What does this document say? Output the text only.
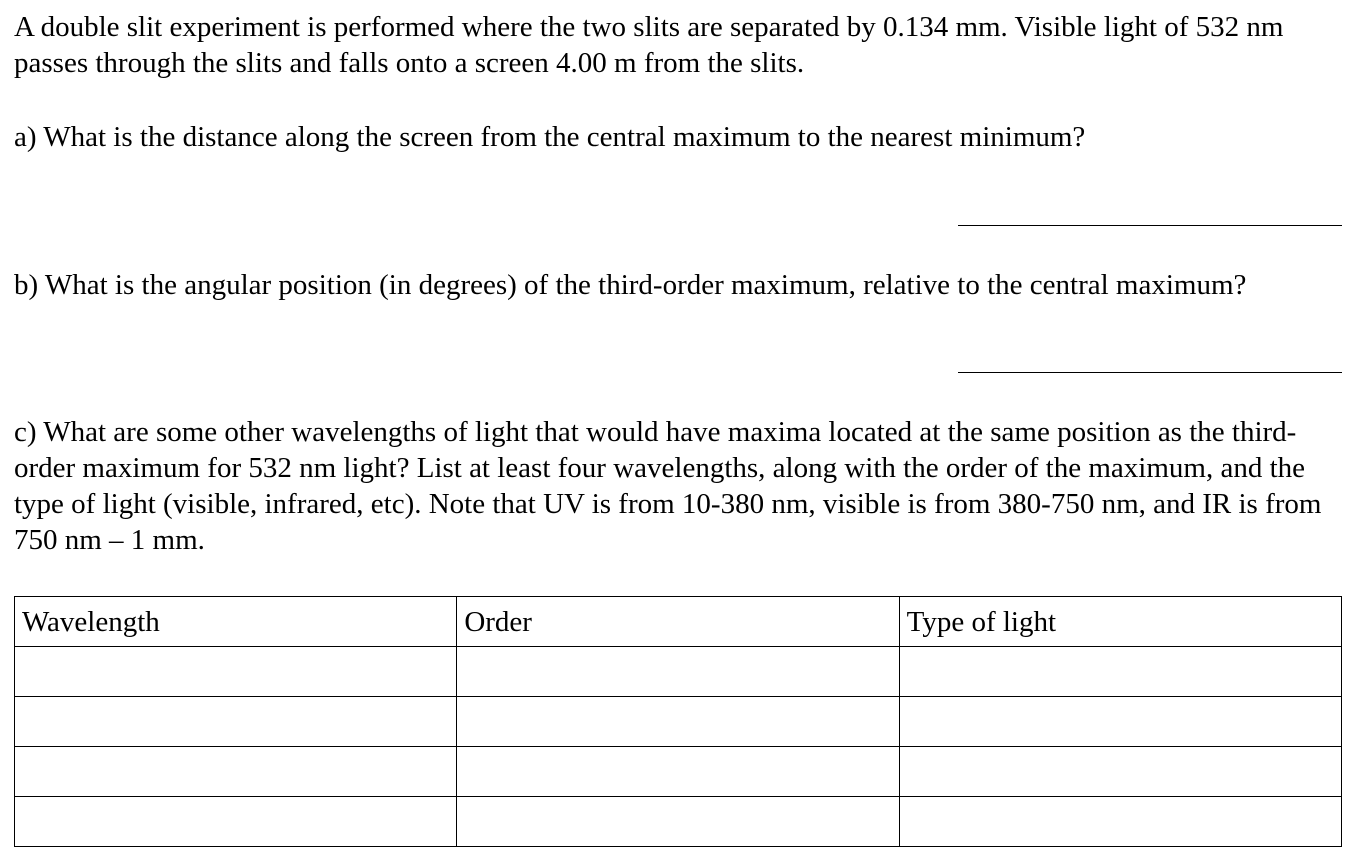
A double slit experiment is performed where the two slits are separated by 0.134 mm. Visible light of 532 nm passes through the slits and falls onto a screen 4.00 m from the slits.

a) What is the distance along the screen from the central maximum to the nearest minimum?

b) What is the angular position (in degrees) of the third-order maximum, relative to the central maximum?

c) What are some other wavelengths of light that would have maxima located at the same position as the third-order maximum for 532 nm light? List at least four wavelengths, along with the order of the maximum, and the type of light (visible, infrared, etc). Note that UV is from 10-380 nm, visible is from 380-750 nm, and IR is from 750 nm – 1 mm.

Wavelength	Order	Type of light
